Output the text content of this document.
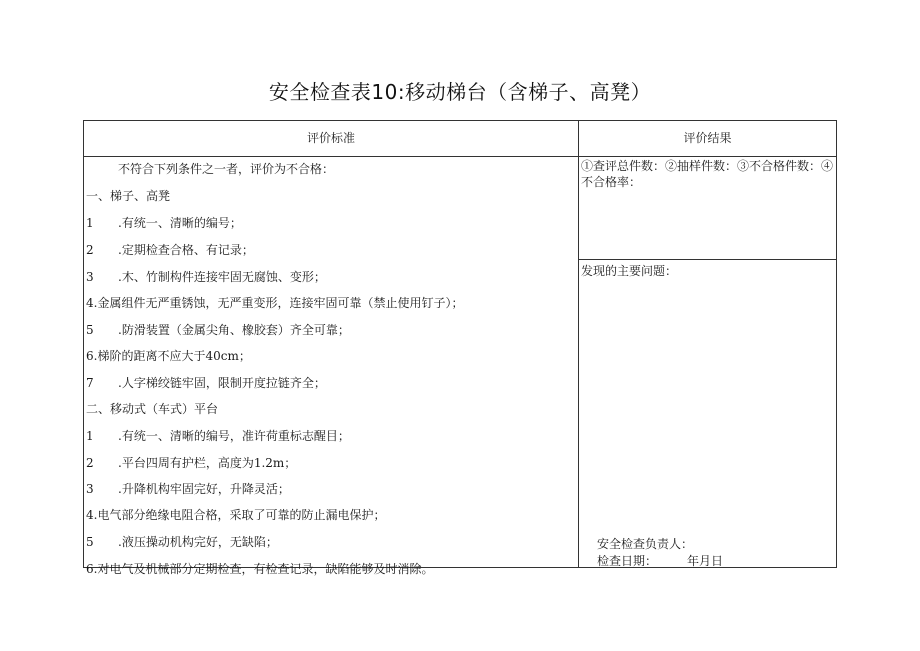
安全检查表10:移动梯台（含梯子、高凳）
评价标准	评价结果
不符合下列条件之一者，评价为不合格：
一、梯子、高凳
1 .有统一、清晰的编号；
2 .定期检查合格、有记录；
3 .木、竹制构件连接牢固无腐蚀、变形；
4.金属组件无严重锈蚀，无严重变形，连接牢固可靠（禁止使用钉子）；
5 .防滑装置（金属尖角、橡胶套）齐全可靠；
6.梯阶的距离不应大于40cm；
7 .人字梯绞链牢固，限制开度拉链齐全；
二、移动式（车式）平台
1 .有统一、清晰的编号，准许荷重标志醒目；
2 .平台四周有护栏，高度为1.2m；
3 .升降机构牢固完好，升降灵活；
4.电气部分绝缘电阻合格，采取了可靠的防止漏电保护；
5 .液压操动机构完好，无缺陷；
6.对电气及机械部分定期检查，有检查记录，缺陷能够及时消除。
①查评总件数：②抽样件数：③不合格件数：④不合格率：
发现的主要问题：
安全检查负责人：
检查日期：	年月日
